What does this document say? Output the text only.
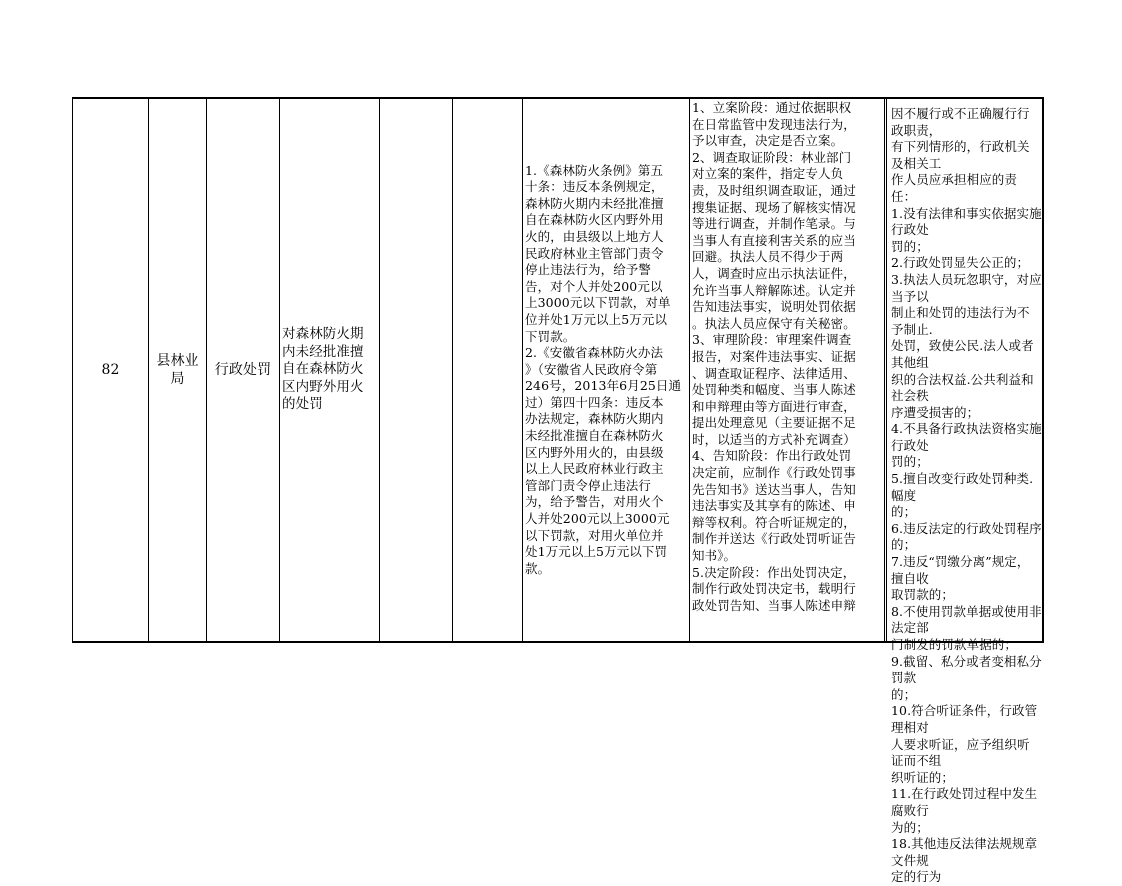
82
县林业
局
行政处罚
对森林防火期
内未经批准擅
自在森林防火
区内野外用火
的处罚
1.《森林防火条例》第五
十条：违反本条例规定，
森林防火期内未经批准擅
自在森林防火区内野外用
火的，由县级以上地方人
民政府林业主管部门责令
停止违法行为，给予警
告，对个人并处200元以
上3000元以下罚款，对单
位并处1万元以上5万元以
下罚款。
2.《安徽省森林防火办法
》（安徽省人民政府令第
246号，2013年6月25日通
过）第四十四条：违反本
办法规定，森林防火期内
未经批准擅自在森林防火
区内野外用火的，由县级
以上人民政府林业行政主
管部门责令停止违法行
为，给予警告，对用火个
人并处200元以上3000元
以下罚款，对用火单位并
处1万元以上5万元以下罚
款。
1、立案阶段：通过依据职权
在日常监管中发现违法行为，
予以审查，决定是否立案。
2、调查取证阶段：林业部门
对立案的案件，指定专人负
责，及时组织调查取证，通过
搜集证据、现场了解核实情况
等进行调查，并制作笔录。与
当事人有直接利害关系的应当
回避。执法人员不得少于两
人，调查时应出示执法证件，
允许当事人辩解陈述。认定并
告知违法事实，说明处罚依据
。执法人员应保守有关秘密。
3、审理阶段：审理案件调查
报告，对案件违法事实、证据
、调查取证程序、法律适用、
处罚种类和幅度、当事人陈述
和申辩理由等方面进行审查，
提出处理意见（主要证据不足
时，以适当的方式补充调查）
4、告知阶段：作出行政处罚
决定前，应制作《行政处罚事
先告知书》送达当事人，告知
违法事实及其享有的陈述、申
辩等权利。符合听证规定的，
制作并送达《行政处罚听证告
知书》。
5.决定阶段：作出处罚决定，
制作行政处罚决定书，载明行
政处罚告知、当事人陈述申辩
因不履行或不正确履行行政职责，
有下列情形的，行政机关及相关工
作人员应承担相应的责任：
1.没有法律和事实依据实施行政处
罚的；
2.行政处罚显失公正的；
3.执法人员玩忽职守，对应当予以
制止和处罚的违法行为不予制止.
处罚，致使公民.法人或者其他组
织的合法权益.公共利益和社会秩
序遭受损害的；
4.不具备行政执法资格实施行政处
罚的；
5.擅自改变行政处罚种类.幅度
的；
6.违反法定的行政处罚程序的；
7.违反“罚缴分离”规定，擅自收
取罚款的；
8.不使用罚款单据或使用非法定部
门制发的罚款单据的；
9.截留、私分或者变相私分罚款
的；
10.符合听证条件，行政管理相对
人要求听证，应予组织听证而不组
织听证的；
11.在行政处罚过程中发生腐败行
为的；
18.其他违反法律法规规章文件规
定的行为
